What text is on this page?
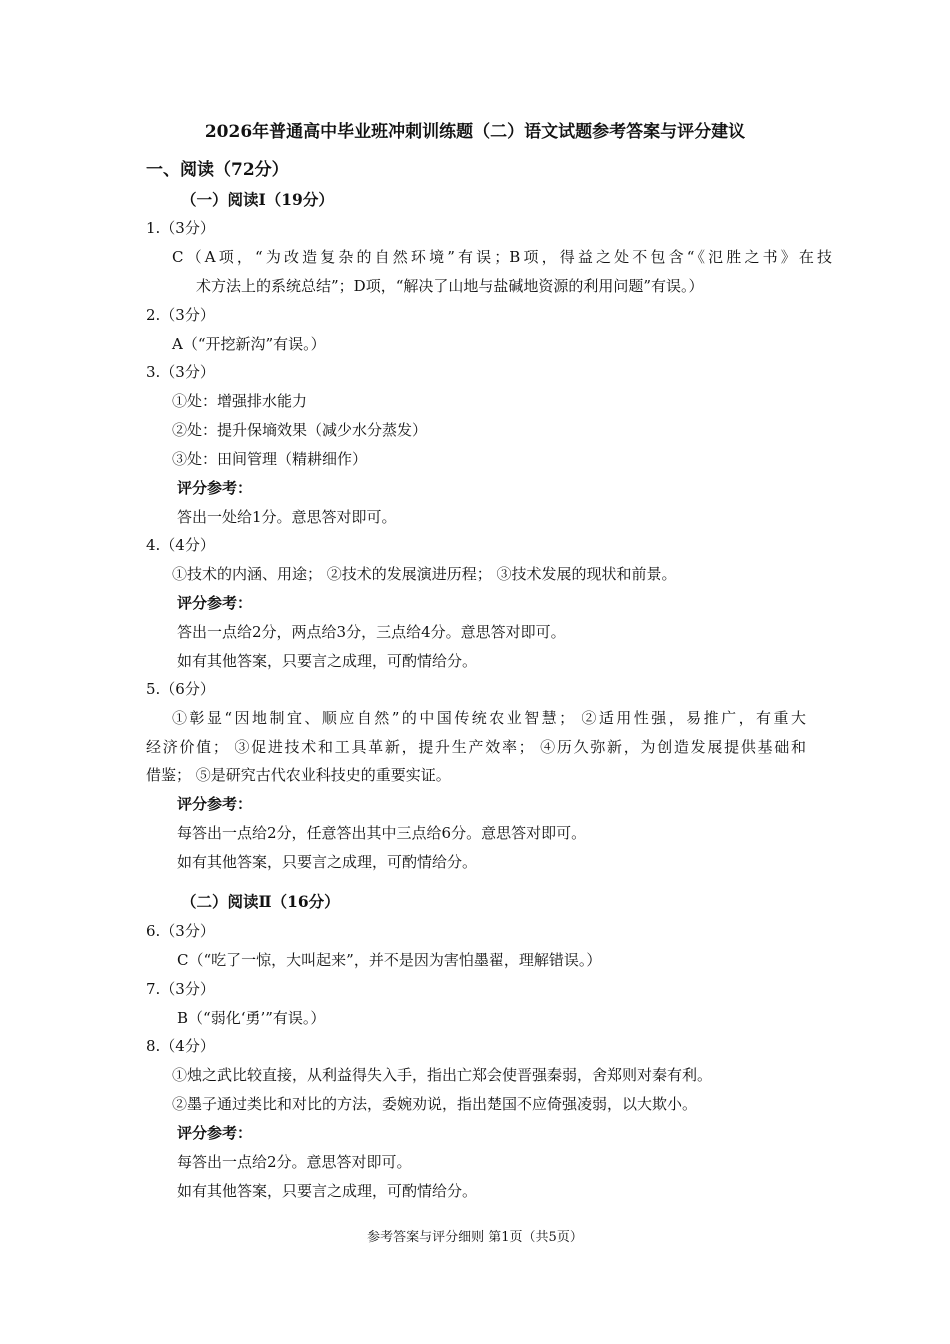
2026年普通高中毕业班冲刺训练题（二）语文试题参考答案与评分建议
一、阅读（72分）
（一）阅读Ⅰ（19分）
1.（3分）
C（A项，“为改造复杂的自然环境”有误；B项，得益之处不包含“《氾胜之书》在技
术方法上的系统总结”；D项，“解决了山地与盐碱地资源的利用问题”有误。）
2.（3分）
A（“开挖新沟”有误。）
3.（3分）
①处：增强排水能力
②处：提升保墒效果（减少水分蒸发）
③处：田间管理（精耕细作）
评分参考：
答出一处给1分。意思答对即可。
4.（4分）
①技术的内涵、用途； ②技术的发展演进历程； ③技术发展的现状和前景。
评分参考：
答出一点给2分，两点给3分，三点给4分。意思答对即可。
如有其他答案，只要言之成理，可酌情给分。
5.（6分）
①彰显“因地制宜、顺应自然”的中国传统农业智慧； ②适用性强，易推广，有重大
经济价值； ③促进技术和工具革新，提升生产效率； ④历久弥新，为创造发展提供基础和
借鉴； ⑤是研究古代农业科技史的重要实证。
评分参考：
每答出一点给2分，任意答出其中三点给6分。意思答对即可。
如有其他答案，只要言之成理，可酌情给分。
（二）阅读Ⅱ（16分）
6.（3分）
C（“吃了一惊，大叫起来”，并不是因为害怕墨翟，理解错误。）
7.（3分）
B（“弱化‘勇’”有误。）
8.（4分）
①烛之武比较直接，从利益得失入手，指出亡郑会使晋强秦弱，舍郑则对秦有利。
②墨子通过类比和对比的方法，委婉劝说，指出楚国不应倚强凌弱，以大欺小。
评分参考：
每答出一点给2分。意思答对即可。
如有其他答案，只要言之成理，可酌情给分。
参考答案与评分细则 第1页（共5页）
